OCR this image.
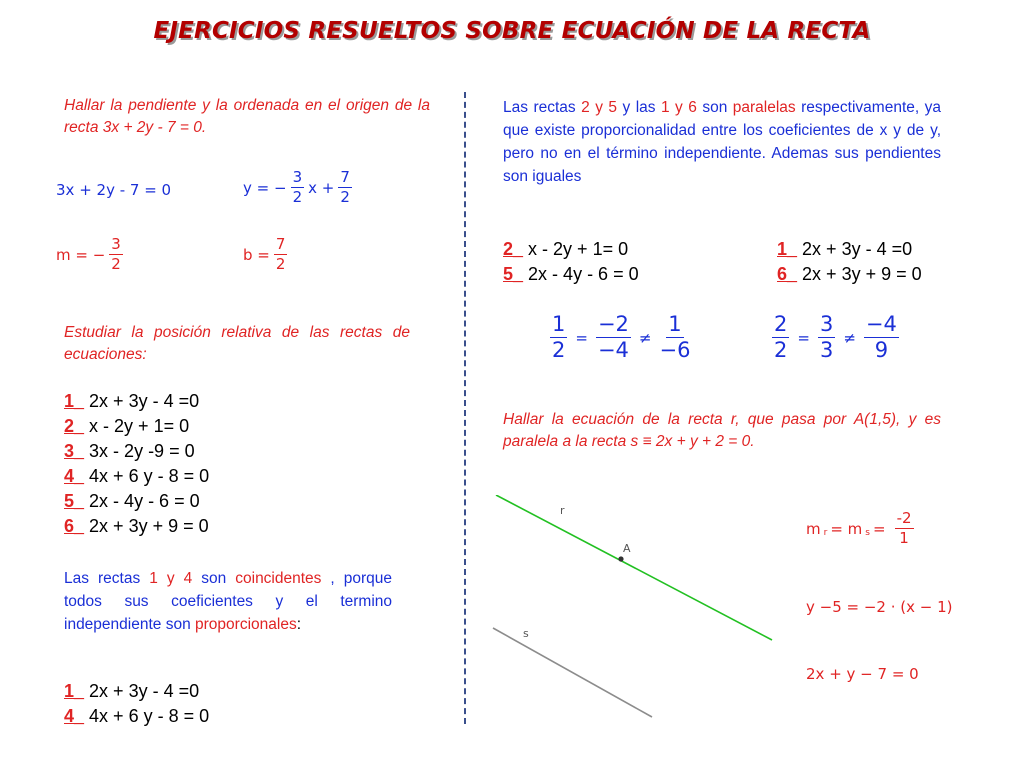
EJERCICIOS RESUELTOS SOBRE ECUACIÓN DE LA RECTA
Hallar la pendiente y la ordenada en el origen de la recta 3x + 2y - 7 = 0.
3x + 2y - 7 = 0	y = − $\frac{3}{2}$ $x + \frac{7}{2}$
m = − $\frac{3}{2}$	$b = \frac{7}{2}$
Estudiar la posición relativa de las rectas de ecuaciones:
1_ 2x + 3y - 4 =0
2_ x - 2y + 1= 0
3_ 3x - 2y -9 = 0
4_ 4x + 6 y - 8 = 0
5_ 2x - 4y - 6 = 0
6_ 2x + 3y + 9 = 0
Las rectas 1 y 4 son coincidentes , porque todos sus coeficientes y el termino independiente son proporcionales:
1_ 2x + 3y - 4 =0
4_ 4x + 6 y - 8 = 0
Las rectas 2 y 5 y las 1 y 6 son paralelas respectivamente, ya que existe proporcionalidad entre los coeficientes de x y de y, pero no en el término independiente. Ademas sus pendientes son iguales
2_ x - 2y + 1= 0	1_ 2x + 3y - 4 =0
5_ 2x - 4y - 6 = 0	6_ 2x + 3y + 9 = 0
$\frac{1}{2} = \frac{-2}{-4} \ne \frac{1}{-6}$	$\frac{2}{2} = \frac{3}{3} \ne \frac{-4}{9}$
Hallar la ecuación de la recta r, que pasa por A(1,5), y es paralela a la recta s ≡ 2x + y + 2 = 0.
r
A
s
m $_r$ = m $_s = \frac{-2}{1}$
y −5 = −2 · (x − 1)
2x + y − 7 = 0
